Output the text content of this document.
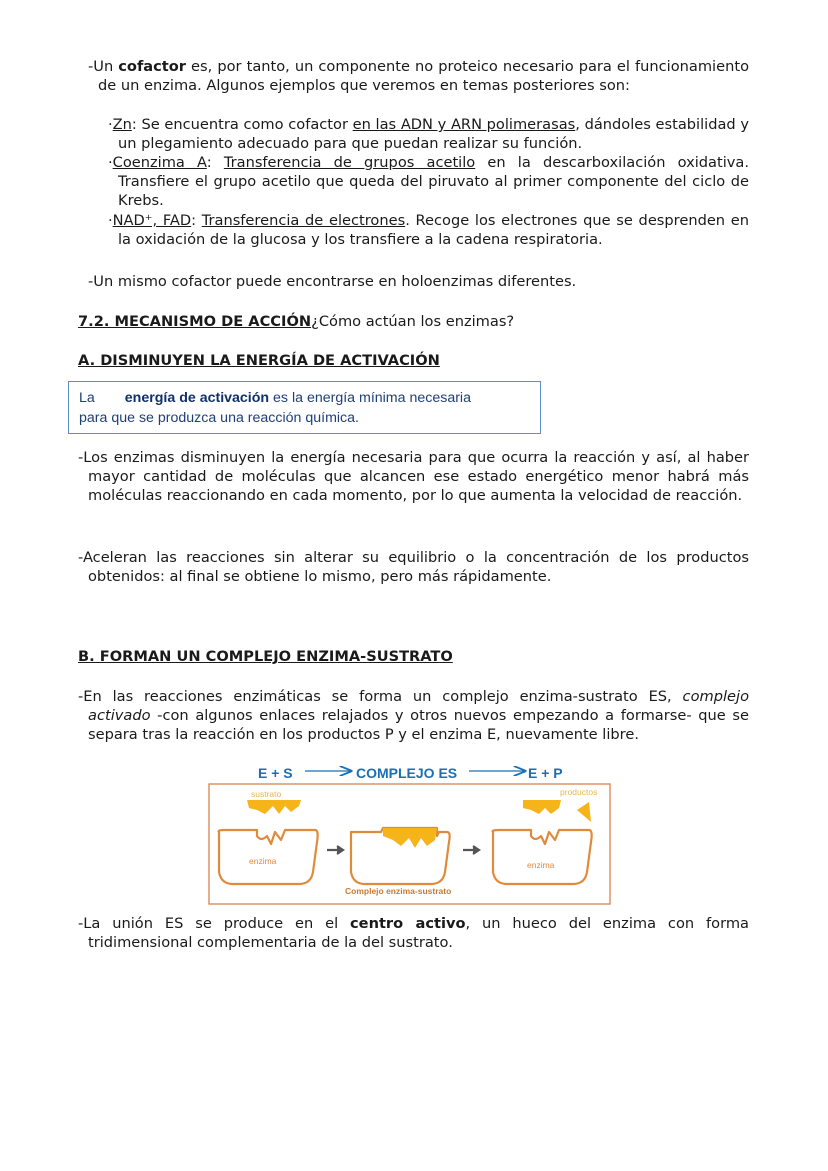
-Un cofactor es, por tanto, un componente no proteico necesario para el funcionamiento de un enzima. Algunos ejemplos que veremos en temas posteriores son:
·Zn: Se encuentra como cofactor en las ADN y ARN polimerasas, dándoles estabilidad y un plegamiento adecuado para que puedan realizar su función.
·Coenzima A: Transferencia de grupos acetilo en la descarboxilación oxidativa. Transfiere el grupo acetilo que queda del piruvato al primer componente del ciclo de Krebs.
·NAD⁺, FAD: Transferencia de electrones. Recoge los electrones que se desprenden en la oxidación de la glucosa y los transfiere a la cadena respiratoria.
-Un mismo cofactor puede encontrarse en holoenzimas diferentes.
7.2. MECANISMO DE ACCIÓN¿Cómo actúan los enzimas?
A. DISMINUYEN LA ENERGÍA DE ACTIVACIÓN
La energía de activación es la energía mínima necesaria
para que se produzca una reacción química.
-Los enzimas disminuyen la energía necesaria para que ocurra la reacción y así, al haber mayor cantidad de moléculas que alcancen ese estado energético menor habrá más moléculas reaccionando en cada momento, por lo que aumenta la velocidad de reacción.
-Aceleran las reacciones sin alterar su equilibrio o la concentración de los productos obtenidos: al final se obtiene lo mismo, pero más rápidamente.
B. FORMAN UN COMPLEJO ENZIMA-SUSTRATO
-En las reacciones enzimáticas se forma un complejo enzima-sustrato ES, complejo activado -con algunos enlaces relajados y otros nuevos empezando a formarse- que se separa tras la reacción en los productos P y el enzima E, nuevamente libre.
E + S	COMPLEJO ES	E + P
sustrato
enzima
Complejo enzima-sustrato
productos
enzima
-La unión ES se produce en el centro activo, un hueco del enzima con forma tridimensional complementaria de la del sustrato.
